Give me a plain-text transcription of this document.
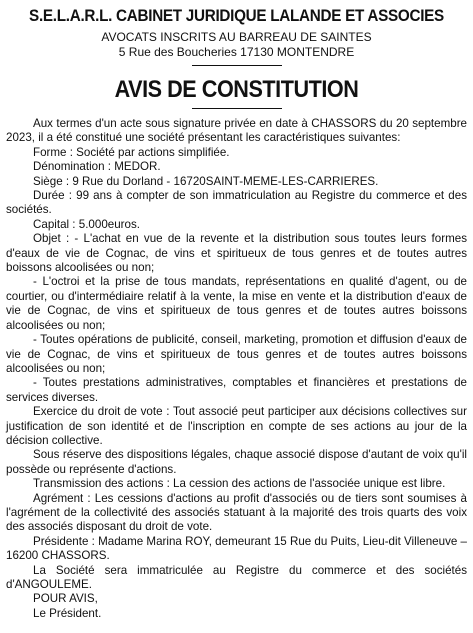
S.E.L.A.R.L. CABINET JURIDIQUE LALANDE ET ASSOCIES
AVOCATS INSCRITS AU BARREAU DE SAINTES
5 Rue des Boucheries 17130 MONTENDRE
AVIS DE CONSTITUTION

Aux termes d'un acte sous signature privée en date à CHASSORS du 20 septembre 2023, il a été constitué une société présentant les caractéristiques suivantes:

Forme : Société par actions simplifiée.

Dénomination : MEDOR.

Siège : 9 Rue du Dorland - 16720SAINT-MEME-LES-CARRIERES.

Durée : 99 ans à compter de son immatriculation au Registre du commerce et des sociétés.

Capital : 5.000euros.

Objet : - L'achat en vue de la revente et la distribution sous toutes leurs formes d'eaux de vie de Cognac, de vins et spiritueux de tous genres et de toutes autres boissons alcoolisées ou non;

- L'octroi et la prise de tous mandats, représentations en qualité d'agent, ou de courtier, ou d'intermédiaire relatif à la vente, la mise en vente et la distribution d'eaux de vie de Cognac, de vins et spiritueux de tous genres et de toutes autres boissons alcoolisées ou non;

- Toutes opérations de publicité, conseil, marketing, promotion et diffusion d'eaux de vie de Cognac, de vins et spiritueux de tous genres et de toutes autres boissons alcoolisées ou non;

- Toutes prestations administratives, comptables et financières et prestations de services diverses.

Exercice du droit de vote : Tout associé peut participer aux décisions collectives sur justification de son identité et de l'inscription en compte de ses actions au jour de la décision collective.

Sous réserve des dispositions légales, chaque associé dispose d'autant de voix qu'il possède ou représente d'actions.

Transmission des actions : La cession des actions de l'associée unique est libre.

Agrément : Les cessions d'actions au profit d'associés ou de tiers sont soumises à l'agrément de la collectivité des associés statuant à la majorité des trois quarts des voix des associés disposant du droit de vote.

Présidente : Madame Marina ROY, demeurant 15 Rue du Puits, Lieu-dit Villeneuve – 16200 CHASSORS.

La Société sera immatriculée au Registre du commerce et des sociétés d'ANGOULEME.

POUR AVIS,

Le Président.
